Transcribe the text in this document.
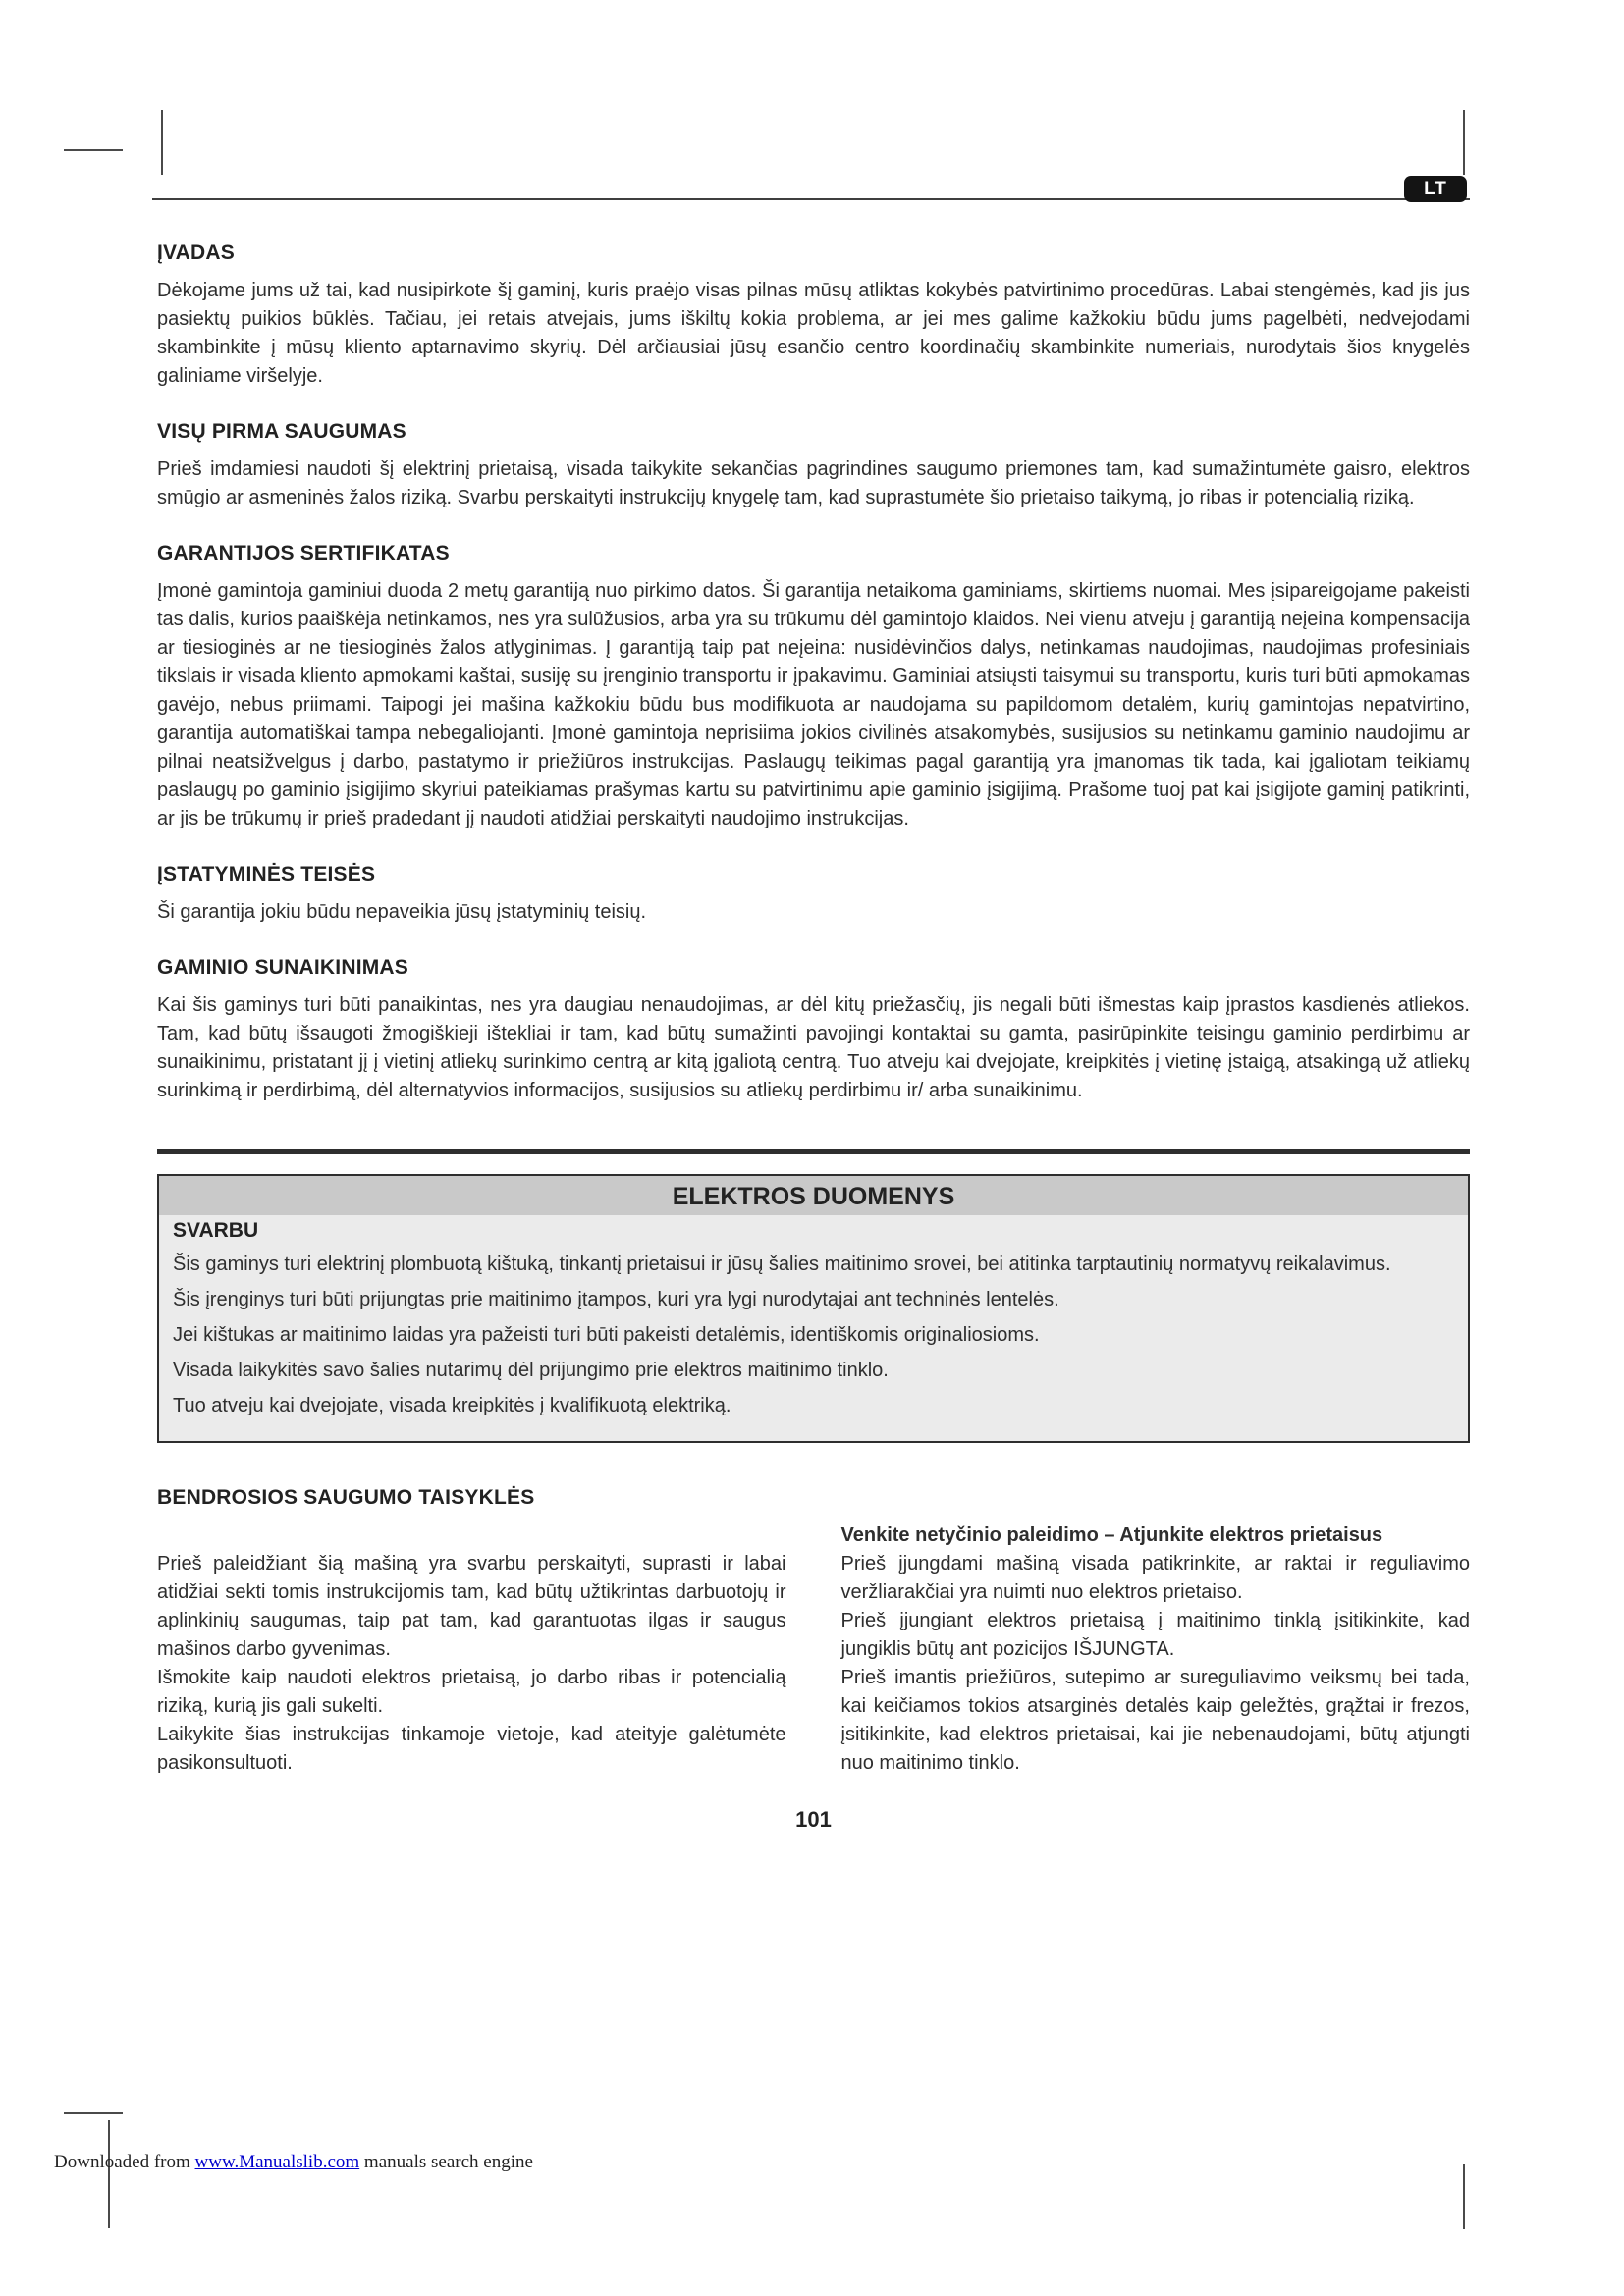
LT
ĮVADAS

Dėkojame jums už tai, kad nusipirkote šį gaminį, kuris praėjo visas pilnas mūsų atliktas kokybės patvirtinimo procedūras. Labai stengėmės, kad jis jus pasiektų puikios būklės. Tačiau, jei retais atvejais, jums iškiltų kokia problema, ar jei mes galime kažkokiu būdu jums pagelbėti, nedvejodami skambinkite į mūsų kliento aptarnavimo skyrių. Dėl arčiausiai jūsų esančio centro koordinačių skambinkite numeriais, nurodytais šios knygelės galiniame viršelyje.

VISŲ PIRMA SAUGUMAS

Prieš imdamiesi naudoti šį elektrinį prietaisą, visada taikykite sekančias pagrindines saugumo priemones tam, kad sumažintumėte gaisro, elektros smūgio ar asmeninės žalos riziką. Svarbu perskaityti instrukcijų knygelę tam, kad suprastumėte šio prietaiso taikymą, jo ribas ir potencialią riziką.

GARANTIJOS SERTIFIKATAS

Įmonė gamintoja gaminiui duoda 2 metų garantiją nuo pirkimo datos. Ši garantija netaikoma gaminiams, skirtiems nuomai. Mes įsipareigojame pakeisti tas dalis, kurios paaiškėja netinkamos, nes yra sulūžusios, arba yra su trūkumu dėl gamintojo klaidos. Nei vienu atveju į garantiją neįeina kompensacija ar tiesioginės ar ne tiesioginės žalos atlyginimas. Į garantiją taip pat neįeina: nusidėvinčios dalys, netinkamas naudojimas, naudojimas profesiniais tikslais ir visada kliento apmokami kaštai, susiję su įrenginio transportu ir įpakavimu. Gaminiai atsiųsti taisymui su transportu, kuris turi būti apmokamas gavėjo, nebus priimami. Taipogi jei mašina kažkokiu būdu bus modifikuota ar naudojama su papildomom detalėm, kurių gamintojas nepatvirtino, garantija automatiškai tampa nebegaliojanti. Įmonė gamintoja neprisiima jokios civilinės atsakomybės, susijusios su netinkamu gaminio naudojimu ar pilnai neatsižvelgus į darbo, pastatymo ir priežiūros instrukcijas. Paslaugų teikimas pagal garantiją yra įmanomas tik tada, kai įgaliotam teikiamų paslaugų po gaminio įsigijimo skyriui pateikiamas prašymas kartu su patvirtinimu apie gaminio įsigijimą. Prašome tuoj pat kai įsigijote gaminį patikrinti, ar jis be trūkumų ir prieš pradedant jį naudoti atidžiai perskaityti naudojimo instrukcijas.

ĮSTATYMINĖS TEISĖS

Ši garantija jokiu būdu nepaveikia jūsų įstatyminių teisių.

GAMINIO SUNAIKINIMAS

Kai šis gaminys turi būti panaikintas, nes yra daugiau nenaudojimas, ar dėl kitų priežasčių, jis negali būti išmestas kaip įprastos kasdienės atliekos. Tam, kad būtų išsaugoti žmogiškieji ištekliai ir tam, kad būtų sumažinti pavojingi kontaktai su gamta, pasirūpinkite teisingu gaminio perdirbimu ar sunaikinimu, pristatant jį į vietinį atliekų surinkimo centrą ar kitą įgaliotą centrą. Tuo atveju kai dvejojate, kreipkitės į vietinę įstaigą, atsakingą už atliekų surinkimą ir perdirbimą, dėl alternatyvios informacijos, susijusios su atliekų perdirbimu ir/ arba sunaikinimu.

ELEKTROS DUOMENYS
SVARBU

Šis gaminys turi elektrinį plombuotą kištuką, tinkantį prietaisui ir jūsų šalies maitinimo srovei, bei atitinka tarptautinių normatyvų reikalavimus.

Šis įrenginys turi būti prijungtas prie maitinimo įtampos, kuri yra lygi nurodytajai ant techninės lentelės.

Jei kištukas ar maitinimo laidas yra pažeisti turi būti pakeisti detalėmis, identiškomis originaliosioms.

Visada laikykitės savo šalies nutarimų dėl prijungimo prie elektros maitinimo tinklo.

Tuo atveju kai dvejojate, visada kreipkitės į kvalifikuotą elektriką.

BENDROSIOS SAUGUMO TAISYKLĖS

Prieš paleidžiant šią mašiną yra svarbu perskaityti, suprasti ir labai atidžiai sekti tomis instrukcijomis tam, kad būtų užtikrintas darbuotojų ir aplinkinių saugumas, taip pat tam, kad garantuotas ilgas ir saugus mašinos darbo gyvenimas.

Išmokite kaip naudoti elektros prietaisą, jo darbo ribas ir potencialią riziką, kurią jis gali sukelti.

Laikykite šias instrukcijas tinkamoje vietoje, kad ateityje galėtumėte pasikonsultuoti.

Venkite netyčinio paleidimo – Atjunkite elektros prietaisus

Prieš įjungdami mašiną visada patikrinkite, ar raktai ir reguliavimo veržliarakčiai yra nuimti nuo elektros prietaiso.

Prieš įjungiant elektros prietaisą į maitinimo tinklą įsitikinkite, kad jungiklis būtų ant pozicijos IŠJUNGTA.

Prieš imantis priežiūros, sutepimo ar sureguliavimo veiksmų bei tada, kai keičiamos tokios atsarginės detalės kaip geležtės, grąžtai ir frezos, įsitikinkite, kad elektros prietaisai, kai jie nebenaudojami, būtų atjungti nuo maitinimo tinklo.

101
Downloaded from www.Manualslib.com manuals search engine
